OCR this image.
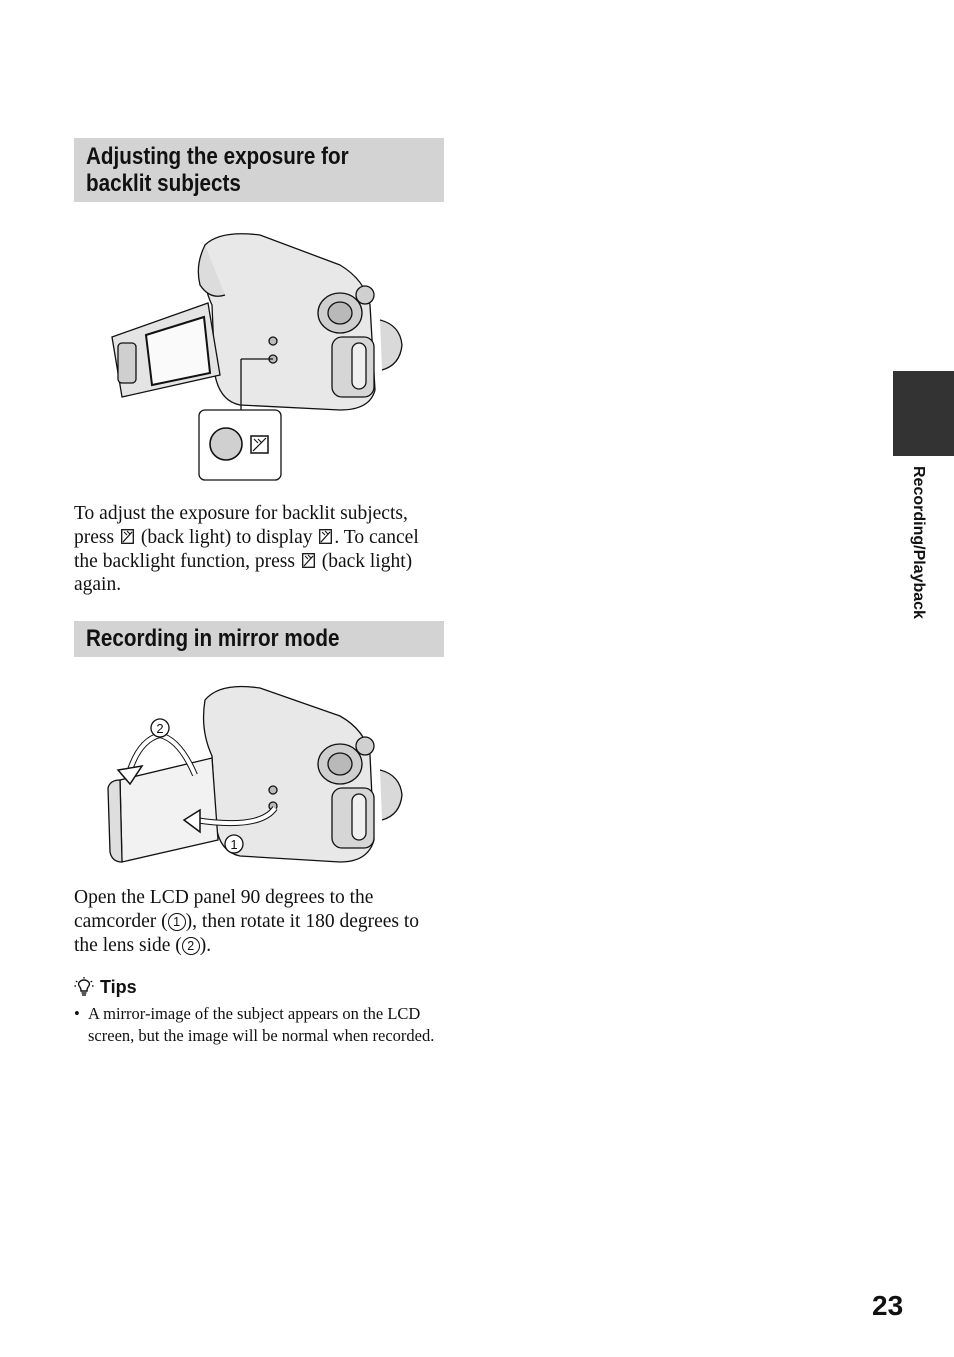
Adjusting the exposure for
backlit subjects
To adjust the exposure for backlit subjects, press (back light) to display . To cancel the backlight function, press (back light) again.
Recording in mirror mode
2
1
Open the LCD panel 90 degrees to the camcorder ( 1 ), then rotate it 180 degrees to the lens side ( 2 ).
Tips
• A mirror-image of the subject appears on the LCD screen, but the image will be normal when recorded.
Recording/Playback
23
